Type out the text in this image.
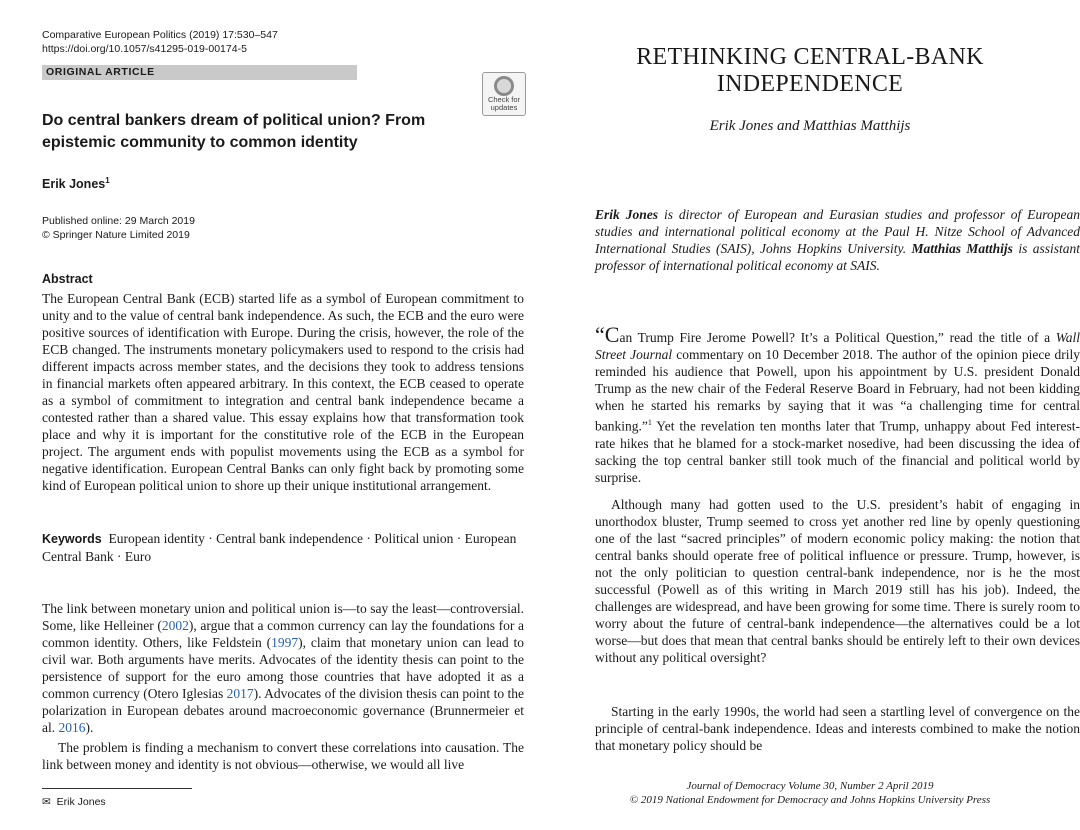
Comparative European Politics (2019) 17:530–547
https://doi.org/10.1057/s41295-019-00174-5
ORIGINAL ARTICLE
Check for
updates
Do central bankers dream of political union? From epistemic community to common identity
Erik Jones$^1$
Published online: 29 March 2019
© Springer Nature Limited 2019
Abstract
The European Central Bank (ECB) started life as a symbol of European commitment to unity and to the value of central bank independence. As such, the ECB and the euro were positive sources of identification with Europe. During the crisis, however, the role of the ECB changed. The instruments monetary policymakers used to respond to the crisis had different impacts across member states, and the decisions they took to address tensions in financial markets often appeared arbitrary. In this context, the ECB ceased to operate as a symbol of commitment to integration and central bank independence became a contested rather than a shared value. This essay explains how that transformation took place and why it is important for the constitutive role of the ECB in the European project. The argument ends with populist movements using the ECB as a symbol for negative identification. European Central Banks can only fight back by promoting some kind of European political union to shore up their unique institutional arrangement.
Keywords European identity · Central bank independence · Political union · European Central Bank · Euro
The link between monetary union and political union is—to say the least—controversial. Some, like Helleiner (2002), argue that a common currency can lay the foundations for a common identity. Others, like Feldstein (1997), claim that monetary union can lead to civil war. Both arguments have merits. Advocates of the identity thesis can point to the persistence of support for the euro among those countries that have adopted it as a common currency (Otero Iglesias 2017). Advocates of the division thesis can point to the polarization in European debates around macroeconomic governance (Brunnermeier et al. 2016).
The problem is finding a mechanism to convert these correlations into causation. The link between money and identity is not obvious—otherwise, we would all live
✉ Erik Jones
RETHINKING CENTRAL-BANK
INDEPENDENCE
Erik Jones and Matthias Matthijs
Erik Jones is director of European and Eurasian studies and professor of European studies and international political economy at the Paul H. Nitze School of Advanced International Studies (SAIS), Johns Hopkins University. Matthias Matthijs is assistant professor of international political economy at SAIS.
“Can Trump Fire Jerome Powell? It’s a Political Question,” read the title of a Wall Street Journal commentary on 10 December 2018. The author of the opinion piece drily reminded his audience that Powell, upon his appointment by U.S. president Donald Trump as the new chair of the Federal Reserve Board in February, had not been kidding when he started his remarks by saying that it was “a challenging time for central banking.”$^1$ Yet the revelation ten months later that Trump, unhappy about Fed interest-rate hikes that he blamed for a stock-market nosedive, had been discussing the idea of sacking the top central banker still took much of the financial and political world by surprise.
Although many had gotten used to the U.S. president’s habit of engaging in unorthodox bluster, Trump seemed to cross yet another red line by openly questioning one of the last “sacred principles” of modern economic policy making: the notion that central banks should operate free of political influence or pressure. Trump, however, is not the only politician to question central-bank independence, nor is he the most successful (Powell as of this writing in March 2019 still has his job). Indeed, the challenges are widespread, and have been growing for some time. There is surely room to worry about the future of central-bank independence—the alternatives could be a lot worse—but does that mean that central banks should be entirely left to their own devices without any political oversight?
Starting in the early 1990s, the world had seen a startling level of convergence on the principle of central-bank independence. Ideas and interests combined to make the notion that monetary policy should be
Journal of Democracy Volume 30, Number 2 April 2019
© 2019 National Endowment for Democracy and Johns Hopkins University Press
